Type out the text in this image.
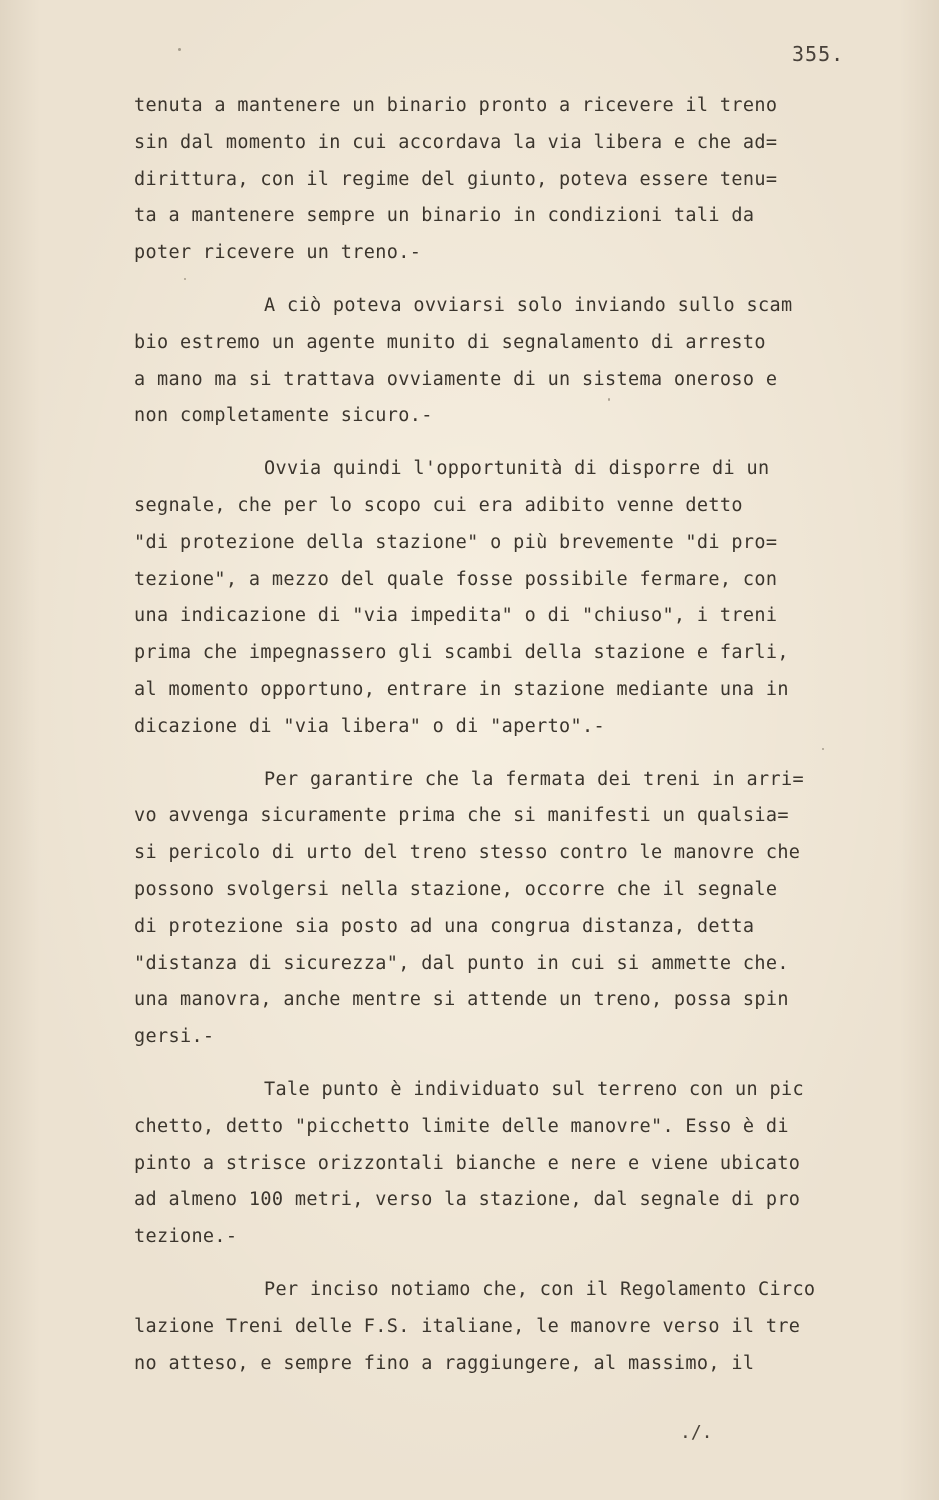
355.
tenuta a mantenere un binario pronto a ricevere il treno
sin dal momento in cui accordava la via libera e che ad=
dirittura, con il regime del giunto, poteva essere tenu=
ta a mantenere sempre un binario in condizioni tali da
poter ricevere un treno.-
A ciò poteva ovviarsi solo inviando sullo scam
bio estremo un agente munito di segnalamento di arresto
a mano ma si trattava ovviamente di un sistema oneroso e
non completamente sicuro.-
Ovvia quindi l'opportunità di disporre di un
segnale, che per lo scopo cui era adibito venne detto
"di protezione della stazione" o più brevemente "di pro=
tezione", a mezzo del quale fosse possibile fermare, con
una indicazione di "via impedita" o di "chiuso", i treni
prima che impegnassero gli scambi della stazione e farli,
al momento opportuno, entrare in stazione mediante una in
dicazione di "via libera" o di "aperto".-
Per garantire che la fermata dei treni in arri=
vo avvenga sicuramente prima che si manifesti un qualsia=
si pericolo di urto del treno stesso contro le manovre che
possono svolgersi nella stazione, occorre che il segnale
di protezione sia posto ad una congrua distanza, detta
"distanza di sicurezza", dal punto in cui si ammette che.
una manovra, anche mentre si attende un treno, possa spin
gersi.-
Tale punto è individuato sul terreno con un pic
chetto, detto "picchetto limite delle manovre". Esso è di
pinto a strisce orizzontali bianche e nere e viene ubicato
ad almeno 100 metri, verso la stazione, dal segnale di pro
tezione.-
Per inciso notiamo che, con il Regolamento Circo
lazione Treni delle F.S. italiane, le manovre verso il tre
no atteso, e sempre fino a raggiungere, al massimo, il
./.
